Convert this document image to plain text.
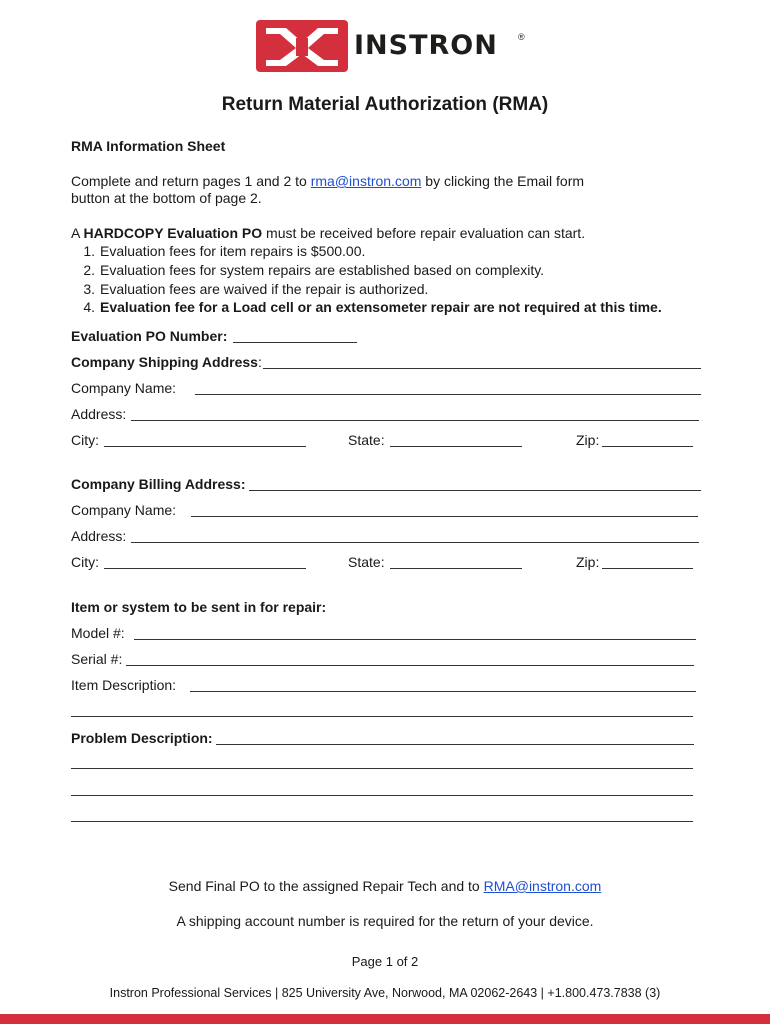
INSTRON ®
Return Material Authorization (RMA)
RMA Information Sheet
Complete and return pages 1 and 2 to rma@instron.com by clicking the Email form
button at the bottom of page 2.
A HARDCOPY Evaluation PO must be received before repair evaluation can start.
1. Evaluation fees for item repairs is $500.00.
2. Evaluation fees for system repairs are established based on complexity.
3. Evaluation fees are waived if the repair is authorized.
4. Evaluation fee for a Load cell or an extensometer repair are not required at this time.
Evaluation PO Number:
Company Shipping Address:
Company Name:
Address:
City:	State:	Zip:
Company Billing Address:
Company Name:
Address:
City:	State:	Zip:
Item or system to be sent in for repair:
Model #:
Serial #:
Item Description:
Problem Description:
Send Final PO to the assigned Repair Tech and to RMA@instron.com
A shipping account number is required for the return of your device.
Page 1 of 2
Instron Professional Services | 825 University Ave, Norwood, MA 02062-2643 | +1.800.473.7838 (3)
